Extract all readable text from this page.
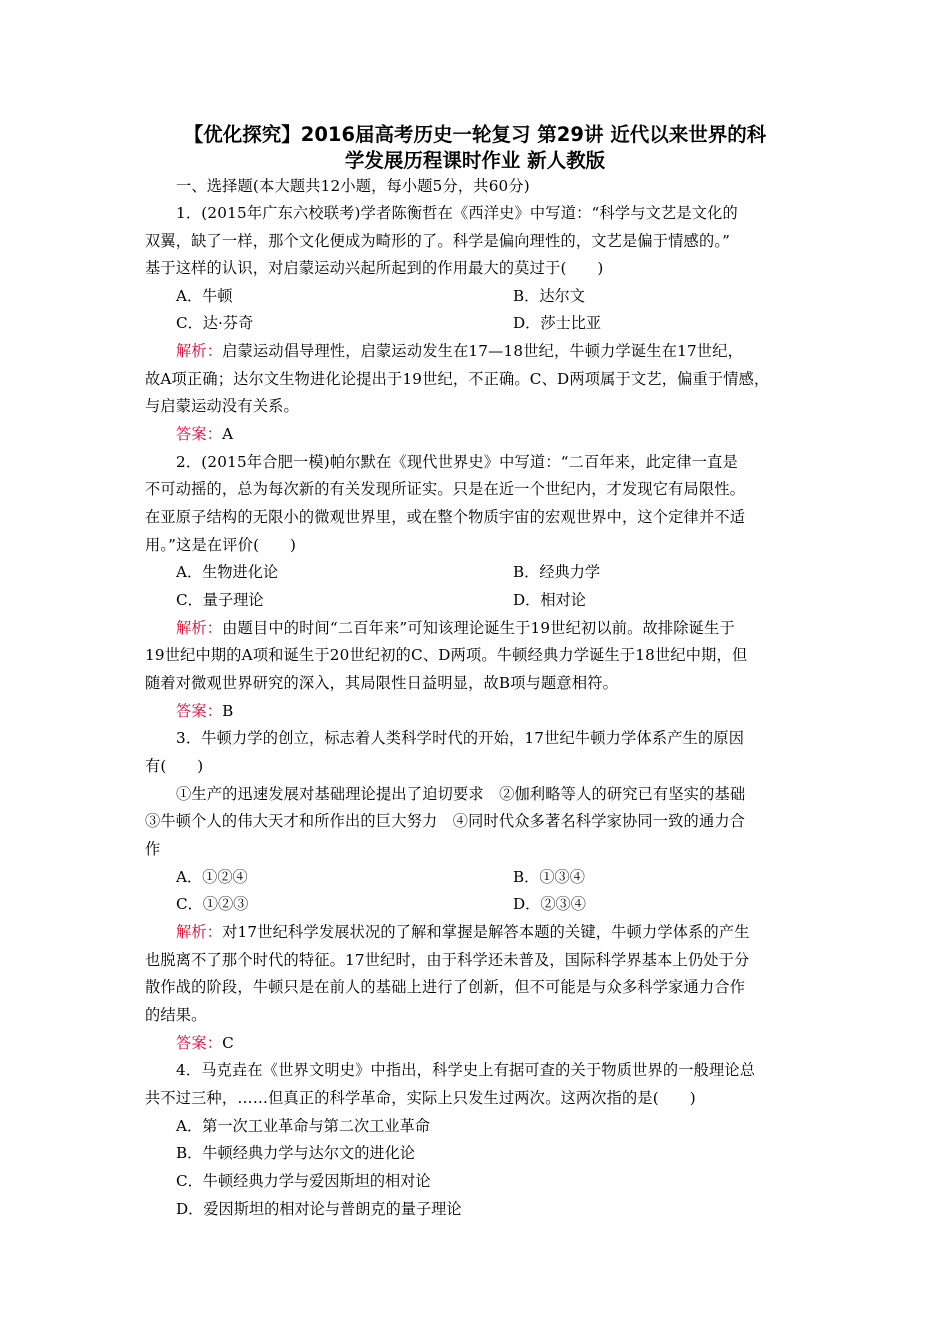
【优化探究】2016届高考历史一轮复习 第29讲 近代以来世界的科
学发展历程课时作业 新人教版
一、选择题(本大题共12小题，每小题5分，共60分)
1．(2015年广东六校联考)学者陈衡哲在《西洋史》中写道：“科学与文艺是文化的
双翼，缺了一样，那个文化便成为畸形的了。科学是偏向理性的，文艺是偏于情感的。”
基于这样的认识，对启蒙运动兴起所起到的作用最大的莫过于(　　)
A．牛顿	B．达尔文
C．达·芬奇	D．莎士比亚
解析：启蒙运动倡导理性，启蒙运动发生在17—18世纪，牛顿力学诞生在17世纪，
故A项正确；达尔文生物进化论提出于19世纪，不正确。C、D两项属于文艺，偏重于情感，
与启蒙运动没有关系。
答案：A
2．(2015年合肥一模)帕尔默在《现代世界史》中写道：“二百年来，此定律一直是
不可动摇的，总为每次新的有关发现所证实。只是在近一个世纪内，才发现它有局限性。
在亚原子结构的无限小的微观世界里，或在整个物质宇宙的宏观世界中，这个定律并不适
用。”这是在评价(　　)
A．生物进化论	B．经典力学
C．量子理论	D．相对论
解析：由题目中的时间“二百年来”可知该理论诞生于19世纪初以前。故排除诞生于
19世纪中期的A项和诞生于20世纪初的C、D两项。牛顿经典力学诞生于18世纪中期，但
随着对微观世界研究的深入，其局限性日益明显，故B项与题意相符。
答案：B
3．牛顿力学的创立，标志着人类科学时代的开始，17世纪牛顿力学体系产生的原因
有(　　)
①生产的迅速发展对基础理论提出了迫切要求　②伽利略等人的研究已有坚实的基础
③牛顿个人的伟大天才和所作出的巨大努力　④同时代众多著名科学家协同一致的通力合
作
A．①②④	B．①③④
C．①②③	D．②③④
解析：对17世纪科学发展状况的了解和掌握是解答本题的关键，牛顿力学体系的产生
也脱离不了那个时代的特征。17世纪时，由于科学还未普及，国际科学界基本上仍处于分
散作战的阶段，牛顿只是在前人的基础上进行了创新，但不可能是与众多科学家通力合作
的结果。
答案：C
4．马克垚在《世界文明史》中指出，科学史上有据可查的关于物质世界的一般理论总
共不过三种，……但真正的科学革命，实际上只发生过两次。这两次指的是(　　)
A．第一次工业革命与第二次工业革命
B．牛顿经典力学与达尔文的进化论
C．牛顿经典力学与爱因斯坦的相对论
D．爱因斯坦的相对论与普朗克的量子理论
